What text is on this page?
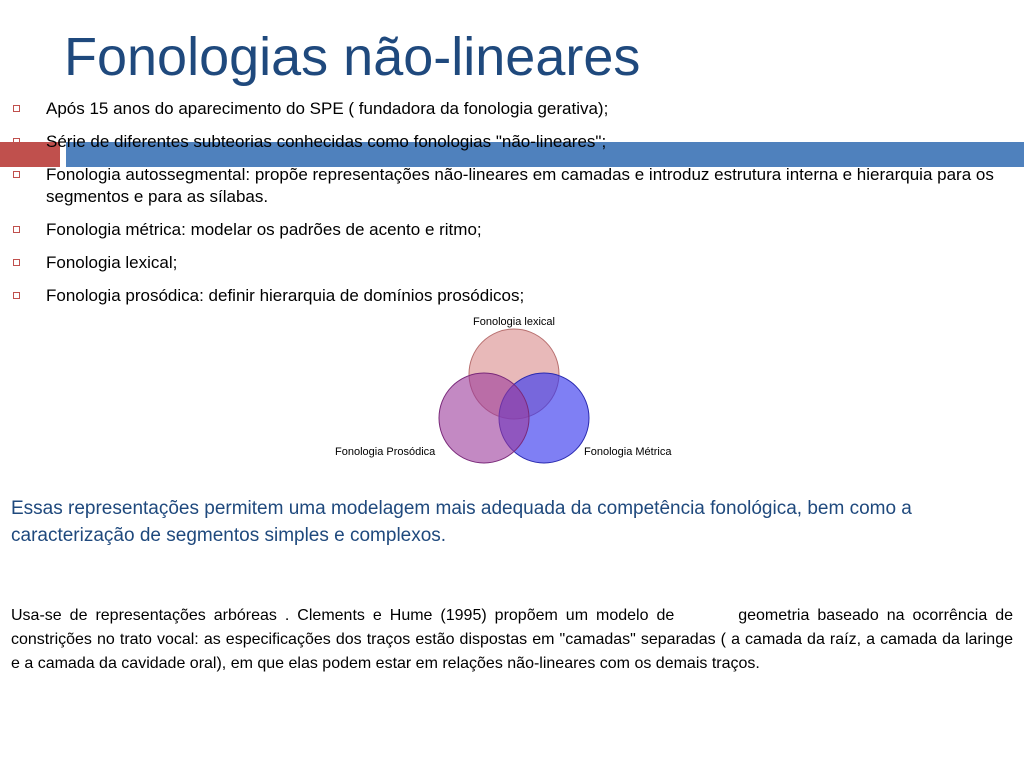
Fonologias não-lineares
Após 15 anos do aparecimento do SPE ( fundadora da fonologia gerativa);
Série de diferentes subteorias conhecidas como fonologias "não-lineares";
Fonologia autossegmental: propõe representações não-lineares em camadas e introduz estrutura interna e hierarquia para os segmentos e para as sílabas.
Fonologia métrica: modelar os padrões de acento e ritmo;
Fonologia lexical;
Fonologia prosódica: definir hierarquia de domínios prosódicos;
Fonologia lexical
Fonologia Prosódica	Fonologia Métrica

Essas representações permitem uma modelagem mais adequada da competência fonológica, bem como a caracterização de segmentos simples e complexos.

Usa-se de representações arbóreas . Clements e Hume (1995) propõem um modelo de        geometria baseado na ocorrência de constrições no trato vocal: as especificações dos traços estão dispostas em "camadas" separadas ( a camada da raíz, a camada da laringe e a camada da cavidade oral), em que elas podem estar em relações não-lineares com os demais traços.
